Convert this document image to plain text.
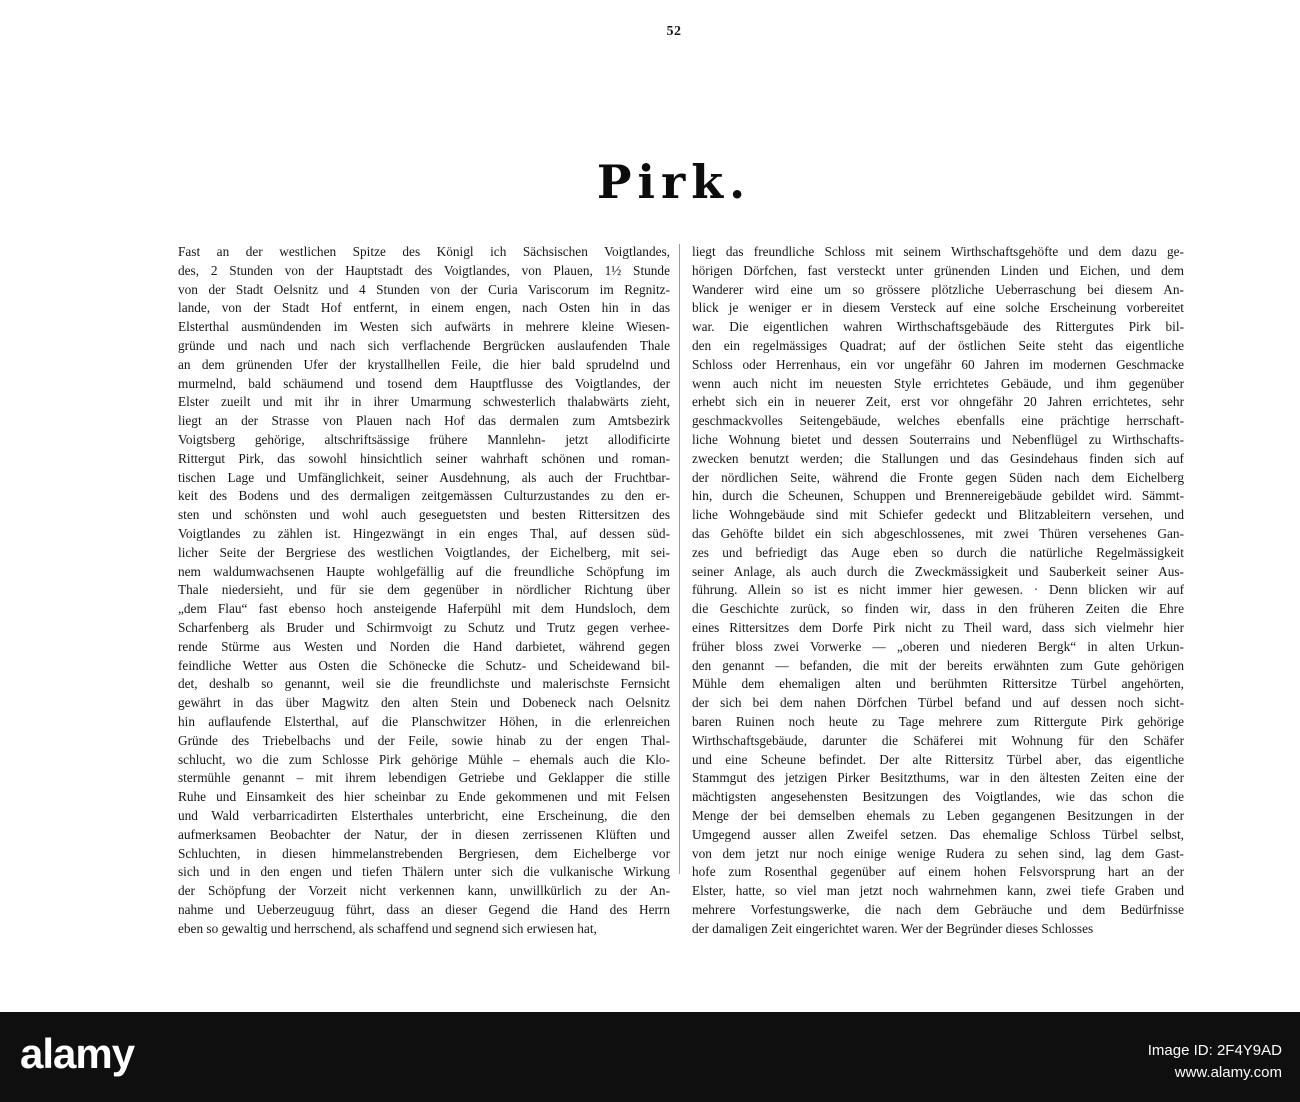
52
Pirk.
Fast an der westlichen Spitze des Königl ich Sächsischen Voigtlandes,
des, 2 Stunden von der Hauptstadt des Voigtlandes, von Plauen, 1½ Stunde
von der Stadt Oelsnitz und 4 Stunden von der Curia Variscorum im Regnitz-
lande, von der Stadt Hof entfernt, in einem engen, nach Osten hin in das
Elsterthal ausmündenden im Westen sich aufwärts in mehrere kleine Wiesen-
gründe und nach und nach sich verflachende Bergrücken auslaufenden Thale
an dem grünenden Ufer der krystallhellen Feile, die hier bald sprudelnd und
murmelnd, bald schäumend und tosend dem Hauptflusse des Voigtlandes, der
Elster zueilt und mit ihr in ihrer Umarmung schwesterlich thalabwärts zieht,
liegt an der Strasse von Plauen nach Hof das dermalen zum Amtsbezirk
Voigtsberg gehörige, altschriftsässige frühere Mannlehn- jetzt allodificirte
Rittergut Pirk, das sowohl hinsichtlich seiner wahrhaft schönen und roman-
tischen Lage und Umfänglichkeit, seiner Ausdehnung, als auch der Fruchtbar-
keit des Bodens und des dermaligen zeitgemässen Culturzustandes zu den er-
sten und schönsten und wohl auch geseguetsten und besten Rittersitzen des
Voigtlandes zu zählen ist. Hingezwängt in ein enges Thal, auf dessen süd-
licher Seite der Bergriese des westlichen Voigtlandes, der Eichelberg, mit sei-
nem waldumwachsenen Haupte wohlgefällig auf die freundliche Schöpfung im
Thale niedersieht, und für sie dem gegenüber in nördlicher Richtung über
„dem Flau“ fast ebenso hoch ansteigende Haferpühl mit dem Hundsloch, dem
Scharfenberg als Bruder und Schirmvoigt zu Schutz und Trutz gegen verhee-
rende Stürme aus Westen und Norden die Hand darbietet, während gegen
feindliche Wetter aus Osten die Schönecke die Schutz- und Scheidewand bil-
det, deshalb so genannt, weil sie die freundlichste und malerischste Fernsicht
gewährt in das über Magwitz den alten Stein und Dobeneck nach Oelsnitz
hin auflaufende Elsterthal, auf die Planschwitzer Höhen, in die erlenreichen
Gründe des Triebelbachs und der Feile, sowie hinab zu der engen Thal-
schlucht, wo die zum Schlosse Pirk gehörige Mühle – ehemals auch die Klo-
stermühle genannt – mit ihrem lebendigen Getriebe und Geklapper die stille
Ruhe und Einsamkeit des hier scheinbar zu Ende gekommenen und mit Felsen
und Wald verbarricadirten Elsterthales unterbricht, eine Erscheinung, die den
aufmerksamen Beobachter der Natur, der in diesen zerrissenen Klüften und
Schluchten, in diesen himmelanstrebenden Bergriesen, dem Eichelberge vor
sich und in den engen und tiefen Thälern unter sich die vulkanische Wirkung
der Schöpfung der Vorzeit nicht verkennen kann, unwillkürlich zu der An-
nahme und Ueberzeuguug führt, dass an dieser Gegend die Hand des Herrn
eben so gewaltig und herrschend, als schaffend und segnend sich erwiesen hat,
liegt das freundliche Schloss mit seinem Wirthschaftsgehöfte und dem dazu ge-
hörigen Dörfchen, fast versteckt unter grünenden Linden und Eichen, und dem
Wanderer wird eine um so grössere plötzliche Ueberraschung bei diesem An-
blick je weniger er in diesem Versteck auf eine solche Erscheinung vorbereitet
war. Die eigentlichen wahren Wirthschaftsgebäude des Rittergutes Pirk bil-
den ein regelmässiges Quadrat; auf der östlichen Seite steht das eigentliche
Schloss oder Herrenhaus, ein vor ungefähr 60 Jahren im modernen Geschmacke
wenn auch nicht im neuesten Style errichtetes Gebäude, und ihm gegenüber
erhebt sich ein in neuerer Zeit, erst vor ohngefähr 20 Jahren errichtetes, sehr
geschmackvolles Seitengebäude, welches ebenfalls eine prächtige herrschaft-
liche Wohnung bietet und dessen Souterrains und Nebenflügel zu Wirthschafts-
zwecken benutzt werden; die Stallungen und das Gesindehaus finden sich auf
der nördlichen Seite, während die Fronte gegen Süden nach dem Eichelberg
hin, durch die Scheunen, Schuppen und Brennereigebäude gebildet wird. Sämmt-
liche Wohngebäude sind mit Schiefer gedeckt und Blitzableitern versehen, und
das Gehöfte bildet ein sich abgeschlossenes, mit zwei Thüren versehenes Gan-
zes und befriedigt das Auge eben so durch die natürliche Regelmässigkeit
seiner Anlage, als auch durch die Zweckmässigkeit und Sauberkeit seiner Aus-
führung. Allein so ist es nicht immer hier gewesen. · Denn blicken wir auf
die Geschichte zurück, so finden wir, dass in den früheren Zeiten die Ehre
eines Rittersitzes dem Dorfe Pirk nicht zu Theil ward, dass sich vielmehr hier
früher bloss zwei Vorwerke — „oberen und niederen Bergk“ in alten Urkun-
den genannt — befanden, die mit der bereits erwähnten zum Gute gehörigen
Mühle dem ehemaligen alten und berühmten Rittersitze Türbel angehörten,
der sich bei dem nahen Dörfchen Türbel befand und auf dessen noch sicht-
baren Ruinen noch heute zu Tage mehrere zum Rittergute Pirk gehörige
Wirthschaftsgebäude, darunter die Schäferei mit Wohnung für den Schäfer
und eine Scheune befindet. Der alte Rittersitz Türbel aber, das eigentliche
Stammgut des jetzigen Pirker Besitzthums, war in den ältesten Zeiten eine der
mächtigsten angesehensten Besitzungen des Voigtlandes, wie das schon die
Menge der bei demselben ehemals zu Leben gegangenen Besitzungen in der
Umgegend ausser allen Zweifel setzen. Das ehemalige Schloss Türbel selbst,
von dem jetzt nur noch einige wenige Rudera zu sehen sind, lag dem Gast-
hofe zum Rosenthal gegenüber auf einem hohen Felsvorsprung hart an der
Elster, hatte, so viel man jetzt noch wahrnehmen kann, zwei tiefe Graben und
mehrere Vorfestungswerke, die nach dem Gebräuche und dem Bedürfnisse
der damaligen Zeit eingerichtet waren. Wer der Begründer dieses Schlosses
alamy	Image ID: 2F4Y9AD
www.alamy.com
